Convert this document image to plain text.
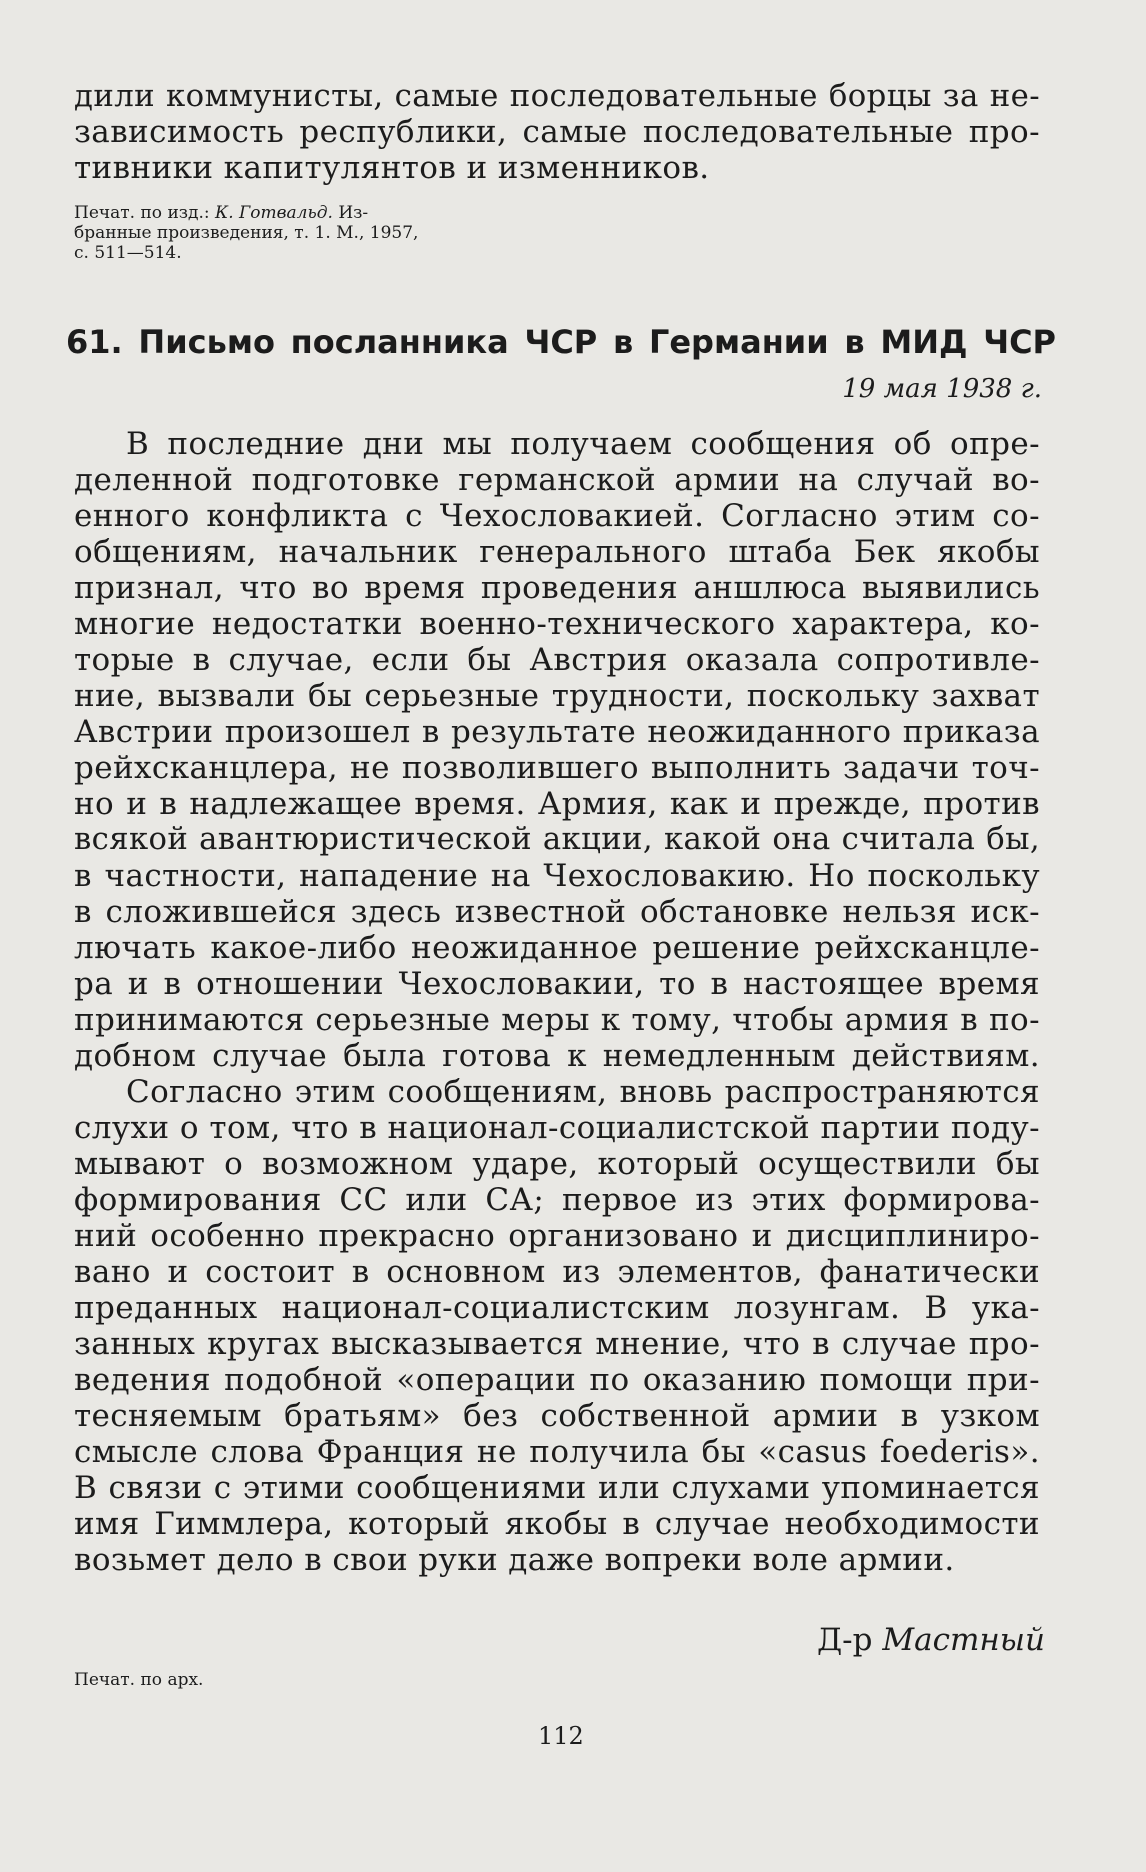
дили коммунисты, самые последовательные борцы за не-
зависимость республики, самые последовательные про-
тивники капитулянтов и изменников.
Печат. по изд.: К. Готвальд. Из-
бранные произведения, т. 1. М., 1957,
с. 511—514.
61. Письмо посланника ЧСР в Германии в МИД ЧСР
19 мая 1938 г.
В последние дни мы получаем сообщения об опре-
деленной подготовке германской армии на случай во-
енного конфликта с Чехословакией. Согласно этим со-
общениям, начальник генерального штаба Бек якобы
признал, что во время проведения аншлюса выявились
многие недостатки военно-технического характера, ко-
торые в случае, если бы Австрия оказала сопротивле-
ние, вызвали бы серьезные трудности, поскольку захват
Австрии произошел в результате неожиданного приказа
рейхсканцлера, не позволившего выполнить задачи точ-
но и в надлежащее время. Армия, как и прежде, против
всякой авантюристической акции, какой она считала бы,
в частности, нападение на Чехословакию. Но поскольку
в сложившейся здесь известной обстановке нельзя иск-
лючать какое-либо неожиданное решение рейхсканцле-
ра и в отношении Чехословакии, то в настоящее время
принимаются серьезные меры к тому, чтобы армия в по-
добном случае была готова к немедленным действиям.
Согласно этим сообщениям, вновь распространяются
слухи о том, что в национал-социалистской партии поду-
мывают о возможном ударе, который осуществили бы
формирования СС или СА; первое из этих формирова-
ний особенно прекрасно организовано и дисциплиниро-
вано и состоит в основном из элементов, фанатически
преданных национал-социалистским лозунгам. В ука-
занных кругах высказывается мнение, что в случае про-
ведения подобной «операции по оказанию помощи при-
тесняемым братьям» без собственной армии в узком
смысле слова Франция не получила бы «casus foederis».
В связи с этими сообщениями или слухами упоминается
имя Гиммлера, который якобы в случае необходимости
возьмет дело в свои руки даже вопреки воле армии.
Д-р Мастный
Печат. по арх.
112
